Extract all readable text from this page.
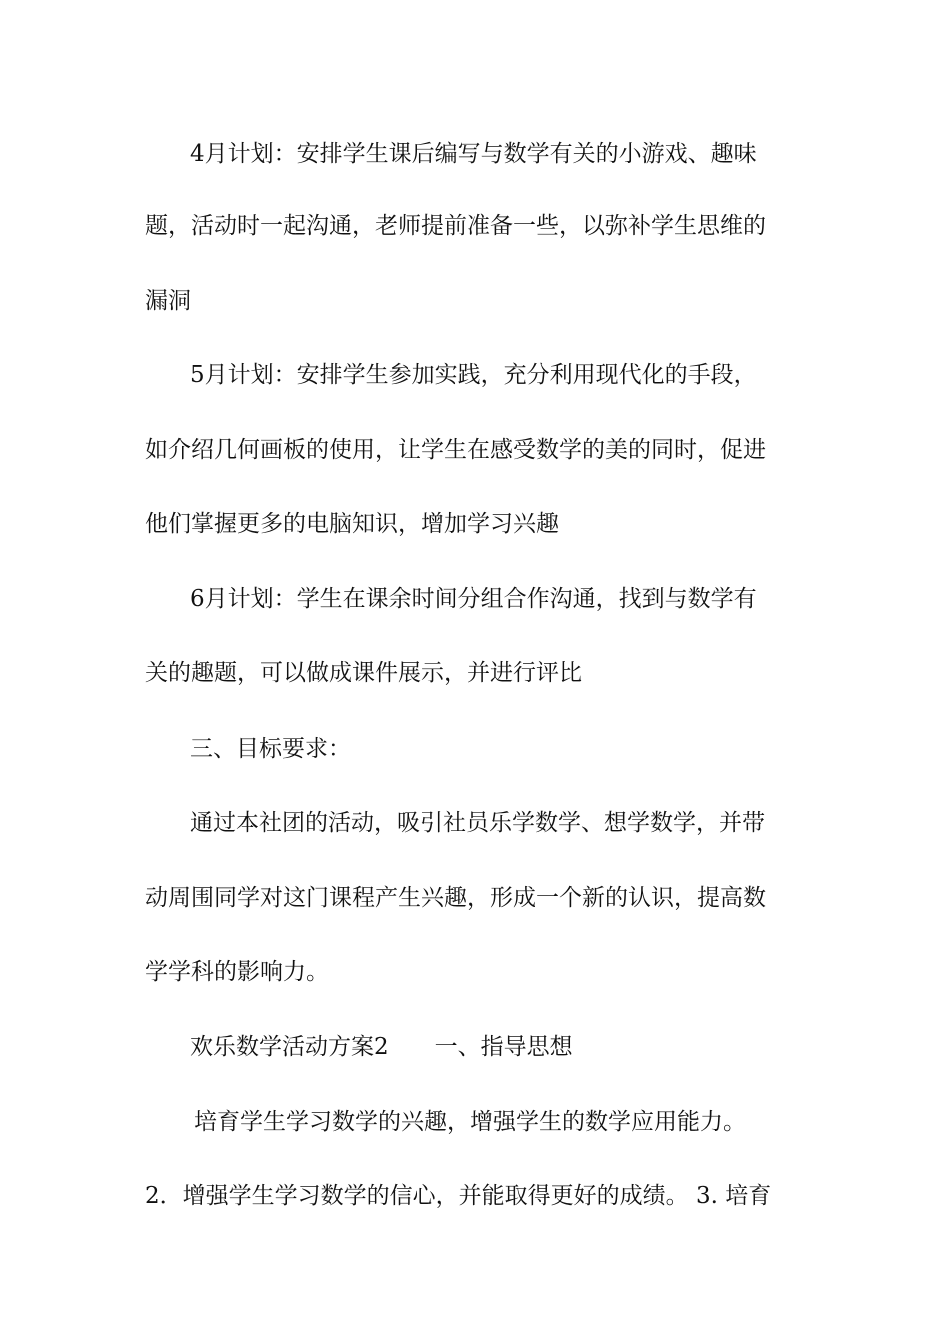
4月计划：安排学生课后编写与数学有关的小游戏、趣味
题，活动时一起沟通，老师提前准备一些，以弥补学生思维的
漏洞
5月计划：安排学生参加实践，充分利用现代化的手段，
如介绍几何画板的使用，让学生在感受数学的美的同时，促进
他们掌握更多的电脑知识，增加学习兴趣
6月计划：学生在课余时间分组合作沟通，找到与数学有
关的趣题，可以做成课件展示，并进行评比
三、目标要求：
通过本社团的活动，吸引社员乐学数学、想学数学，并带
动周围同学对这门课程产生兴趣，形成一个新的认识，提高数
学学科的影响力。
欢乐数学活动方案2　　一、指导思想
培育学生学习数学的兴趣，增强学生的数学应用能力。
2．增强学生学习数学的信心，并能取得更好的成绩。 3. 培育
